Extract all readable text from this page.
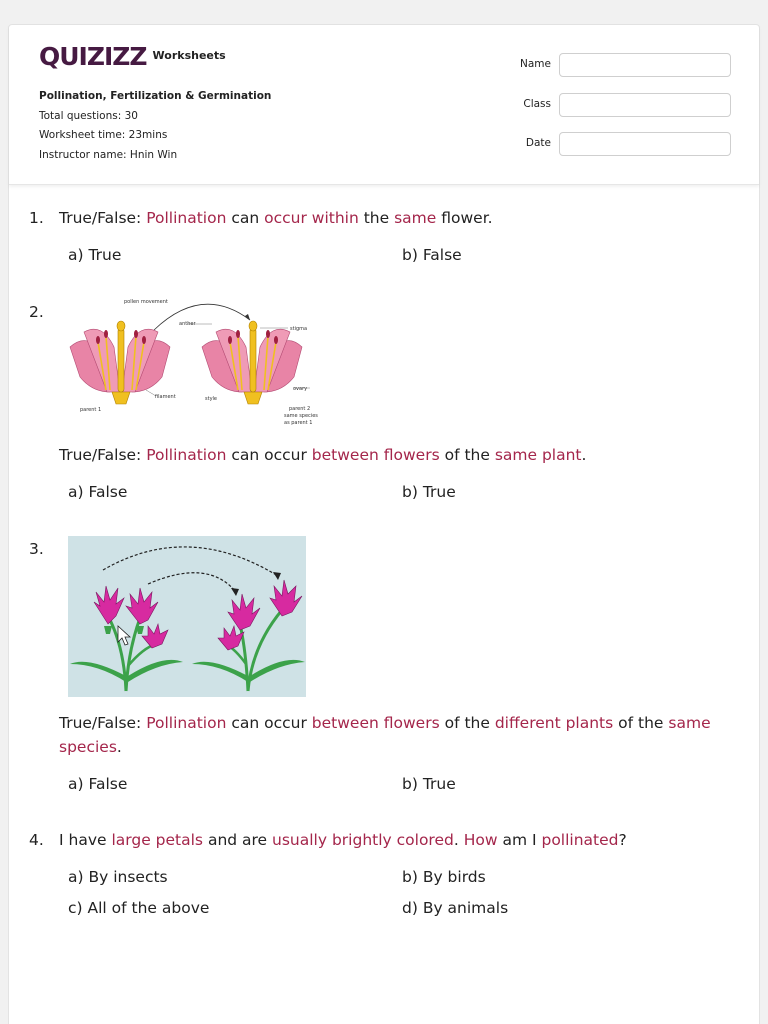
QUIZIZZ Worksheets
Pollination, Fertilization & Germination
Total questions: 30
Worksheet time: 23mins
Instructor name: Hnin Win
Name
Class
Date
1. True/False: Pollination can occur within the same flower.
a) True	b) False
2.
pollen movement
anther
stigma
filament	style
ovary
parent 1	parent 2
same species
as parent 1
True/False: Pollination can occur between flowers of the same plant.
a) False	b) True
3.
True/False: Pollination can occur between flowers of the different plants of the same
species.
a) False	b) True
4. I have large petals and are usually brightly colored. How am I pollinated?
a) By insects	b) By birds
c) All of the above	d) By animals
